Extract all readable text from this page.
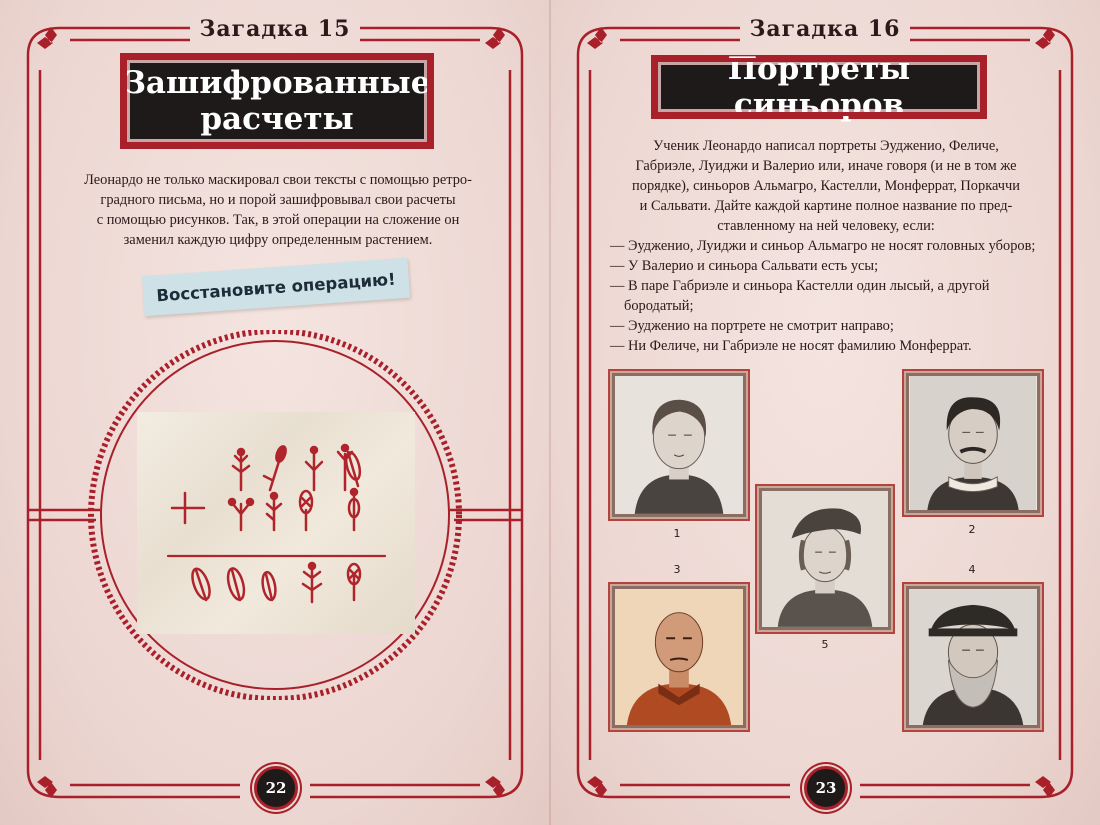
Загадка 15
Зашифрованные расчеты
Леонардо не только маскировал свои тексты с помощью ретро-
градного письма, но и порой зашифровывал свои расчеты
с помощью рисунков. Так, в этой операции на сложение он
заменил каждую цифру определенным растением.
Восстановите операцию!
22
Загадка 16
Портреты синьоров
Ученик Леонардо написал портреты Эудженио, Феличе,
Габриэле, Луиджи и Валерио или, иначе говоря (и не в том же
порядке), синьоров Альмагро, Кастелли, Монферрат, Поркаччи
и Сальвати. Дайте каждой картине полное название по пред-
ставленному на ней человеку, если:
— Эудженио, Луиджи и синьор Альмагро не носят головных уборов;
— У Валерио и синьора Сальвати есть усы;
— В паре Габриэле и синьора Кастелли один лысый, а другой бородатый;
— Эудженио на портрете не смотрит направо;
— Ни Феличе, ни Габриэле не носят фамилию Монферрат.
1	2
5
3	4
23
